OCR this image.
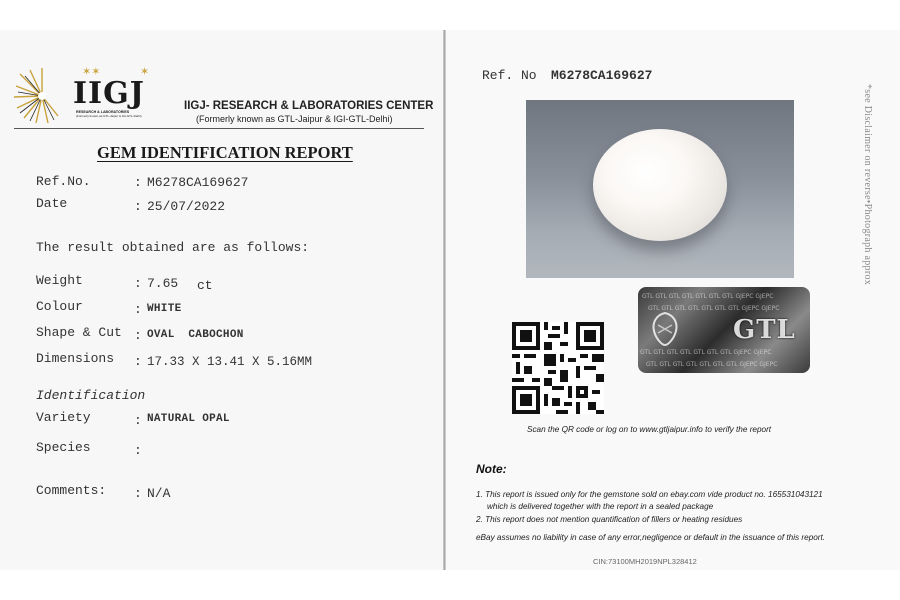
IIGJ
✶✶	✶
RESEARCH & LABORATORIES
(Formerly known as GTL-Jaipur & IGI-GTL-Delhi)
IIGJ- RESEARCH & LABORATORIES CENTER
(Formerly known as GTL-Jaipur & IGI-GTL-Delhi)
GEM IDENTIFICATION REPORT
Ref.No.	: M6278CA169627
Date	: 25/07/2022
The result obtained are as follows:
Weight	: 7.65 ct
Colour	: WHITE
Shape & Cut : OVAL  CABOCHON
Dimensions : 17.33 X 13.41 X 5.16MM
Identification
Variety	: NATURAL OPAL
Species	:
Comments: : N/A
Ref. No M6278CA169627
*see Disclaimer on reverse•Photograph approx
GTL GTL GTL GTL GTL GTL GTL GJEPC GJEPC
GTL GTL GTL GTL GTL GTL GTL GJEPC GJEPC
GTL GTL GTL GTL GTL GTL GTL GJEPC GJEPC
GTL GTL GTL GTL GTL GTL GTL GJEPC GJEPC
GTL
Scan the QR code or log on to www.gtljaipur.info to verify the report
Note:
1. This report is issued only for the gemstone sold on ebay.com vide product no. 165531043121
which is delivered together with the report in a sealed package
2. This report does not mention quantification of fillers or heating residues
eBay assumes no liability in case of any error,negligence or default in the issuance of this report.
CIN:73100MH2019NPL328412
